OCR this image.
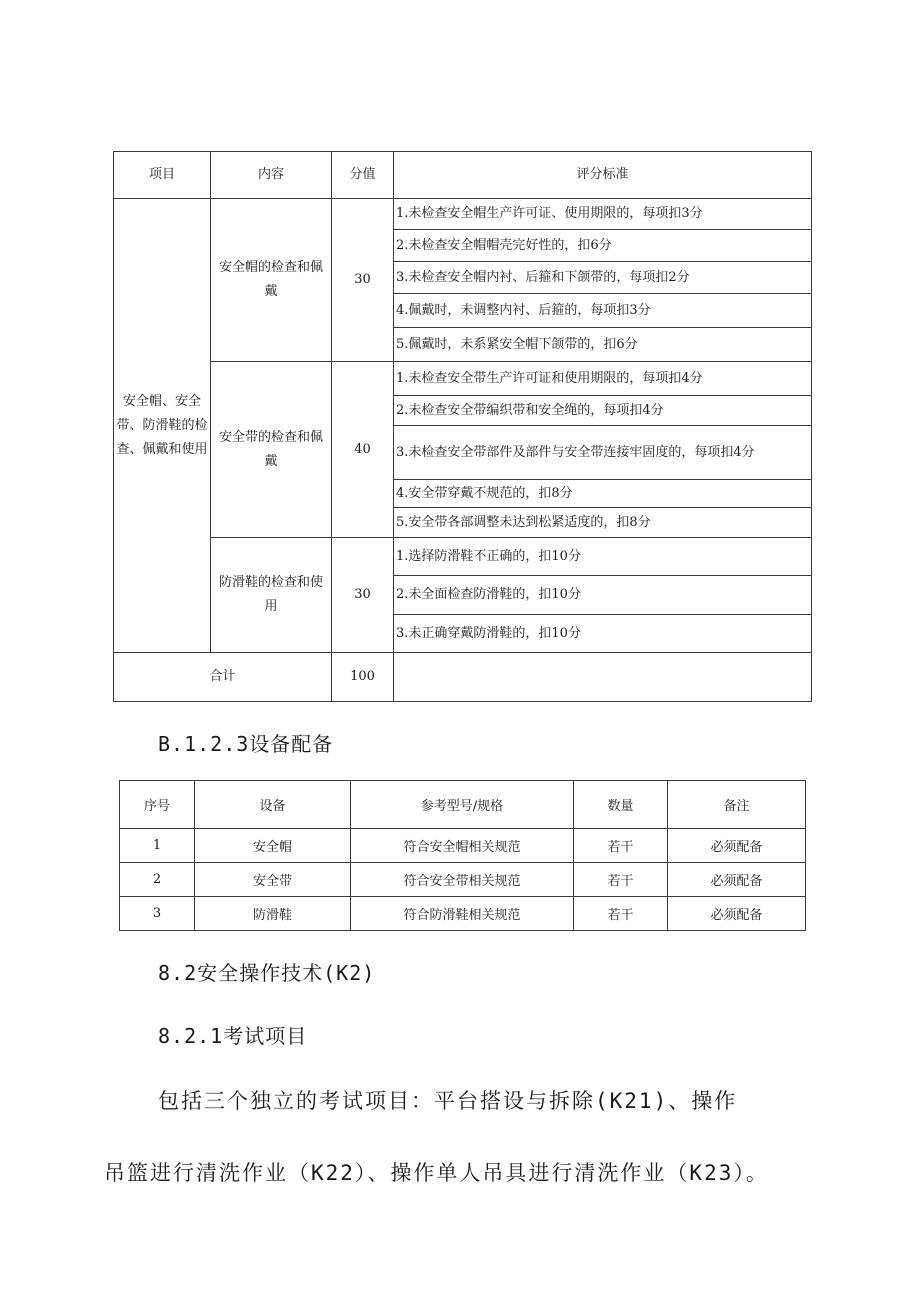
项目	内容	分值	评分标准
安全帽、安全带、防滑鞋的检查、佩戴和使用	安全帽的检查和佩戴	30	1.未检查安全帽生产许可证、使用期限的，每项扣3分
			2.未检查安全帽帽壳完好性的，扣6分
			3.未检查安全帽内衬、后箍和下颌带的，每项扣2分
			4.佩戴时，未调整内衬、后箍的，每项扣3分
			5.佩戴时，未系紧安全帽下颌带的，扣6分
	安全带的检查和佩戴	40	1.未检查安全带生产许可证和使用期限的，每项扣4分
			2.未检查安全带编织带和安全绳的，每项扣4分
			3.未检查安全带部件及部件与安全带连接牢固度的，每项扣4分
			4.安全带穿戴不规范的，扣8分
			5.安全带各部调整未达到松紧适度的，扣8分
	防滑鞋的检查和使用	30	1.选择防滑鞋不正确的，扣10分
			2.未全面检查防滑鞋的，扣10分
			3.未正确穿戴防滑鞋的，扣10分
合计		100	
B.1.2.3设备配备
序号	设备	参考型号/规格	数量	备注
1	安全帽	符合安全帽相关规范	若干	必须配备
2	安全带	符合安全带相关规范	若干	必须配备
3	防滑鞋	符合防滑鞋相关规范	若干	必须配备
8.2安全操作技术(K2)
8.2.1考试项目
包括三个独立的考试项目：平台搭设与拆除(K21)、操作
吊篮进行清洗作业（K22）、操作单人吊具进行清洗作业（K23）。
